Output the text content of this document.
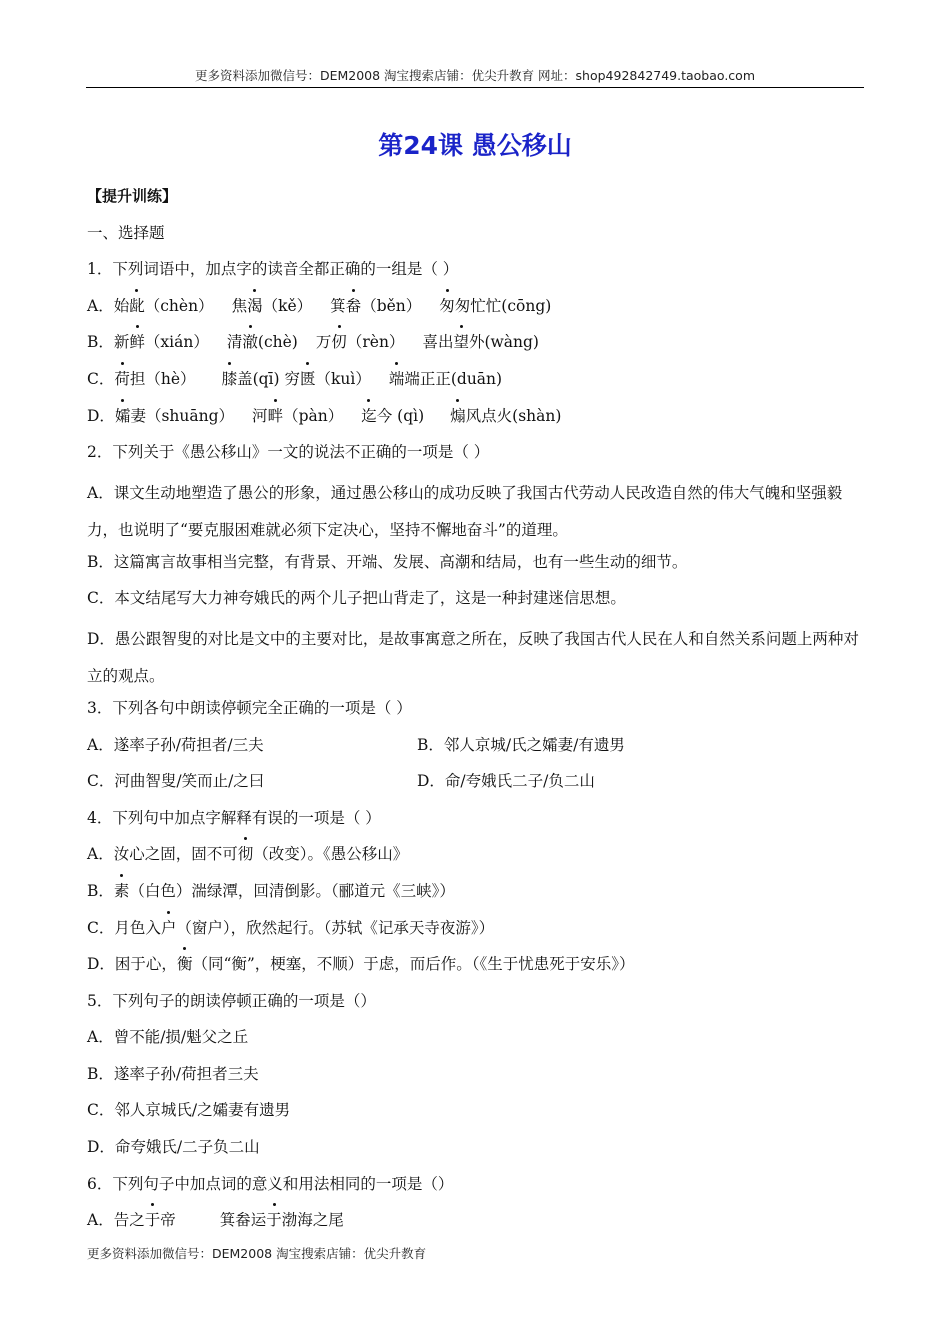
更多资料添加微信号：DEM2008 淘宝搜索店铺：优尖升教育 网址：shop492842749.taobao.com
第24课 愚公移山
【提升训练】
一、选择题
1．下列词语中，加点字的读音全都正确的一组是（ ）
A．始龀（chèn） 焦渴（kě） 箕畚（běn） 匆匆忙忙(cōng)
B．新鲜（xián） 清澈(chè) 万仞（rèn） 喜出望外(wàng)
C．荷担（hè） 膝盖(qī) 穷匮（kuì） 端端正正(duān)
D．孀妻（shuāng） 河畔（pàn） 迄今 (qì) 煽风点火(shàn)
2．下列关于《愚公移山》一文的说法不正确的一项是（ ）
A．课文生动地塑造了愚公的形象，通过愚公移山的成功反映了我国古代劳动人民改造自然的伟大气魄和坚强毅力，也说明了“要克服困难就必须下定决心，坚持不懈地奋斗”的道理。
B．这篇寓言故事相当完整，有背景、开端、发展、高潮和结局，也有一些生动的细节。
C．本文结尾写大力神夸娥氏的两个儿子把山背走了，这是一种封建迷信思想。
D．愚公跟智叟的对比是文中的主要对比，是故事寓意之所在，反映了我国古代人民在人和自然关系问题上两种对立的观点。
3．下列各句中朗读停顿完全正确的一项是（ ）
A．遂率子孙/荷担者/三夫	B．邻人京城/氏之孀妻/有遗男
C．河曲智叟/笑而止/之曰	D．命/夸娥氏二子/负二山
4．下列句中加点字解释有误的一项是（ ）
A．汝心之固，固不可彻（改变）。《愚公移山》
B．素（白色）湍绿潭，回清倒影。（郦道元《三峡》）
C．月色入户（窗户），欣然起行。（苏轼《记承天寺夜游》）
D．困于心，衡（同“衡”，梗塞，不顺）于虑，而后作。（《生于忧患死于安乐》）
5．下列句子的朗读停顿正确的一项是（）
A．曾不能/损/魁父之丘
B．遂率子孙/荷担者三夫
C．邻人京城氏/之孀妻有遗男
D．命夸娥氏/二子负二山
6．下列句子中加点词的意义和用法相同的一项是（）
A．告之于帝	箕畚运于渤海之尾
更多资料添加微信号：DEM2008 淘宝搜索店铺：优尖升教育
